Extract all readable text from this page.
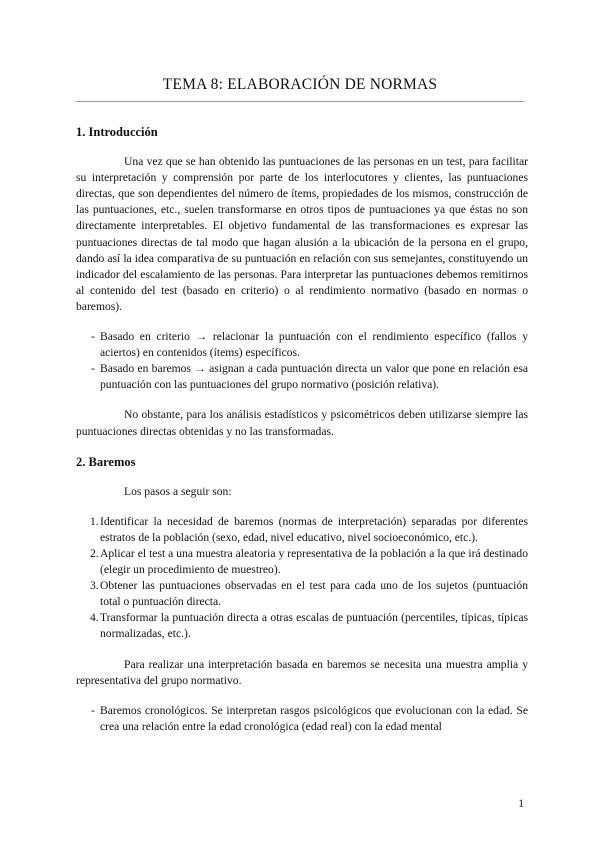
TEMA 8: ELABORACIÓN DE NORMAS
1. Introducción

Una vez que se han obtenido las puntuaciones de las personas en un test, para facilitar su interpretación y comprensión por parte de los interlocutores y clientes, las puntuaciones directas, que son dependientes del número de ítems, propiedades de los mismos, construcción de las puntuaciones, etc., suelen transformarse en otros tipos de puntuaciones ya que éstas no son directamente interpretables. El objetivo fundamental de las transformaciones es expresar las puntuaciones directas de tal modo que hagan alusión a la ubicación de la persona en el grupo, dando así la idea comparativa de su puntuación en relación con sus semejantes, constituyendo un indicador del escalamiento de las personas. Para interpretar las puntuaciones debemos remitirnos al contenido del test (basado en criterio) o al rendimiento normativo (basado en normas o baremos).

- Basado en criterio → relacionar la puntuación con el rendimiento específico (fallos y aciertos) en contenidos (ítems) específicos.
- Basado en baremos → asignan a cada puntuación directa un valor que pone en relación esa puntuación con las puntuaciones del grupo normativo (posición relativa).

No obstante, para los análisis estadísticos y psicométricos deben utilizarse siempre las puntuaciones directas obtenidas y no las transformadas.

2. Baremos

Los pasos a seguir son:

1. Identificar la necesidad de baremos (normas de interpretación) separadas por diferentes estratos de la población (sexo, edad, nivel educativo, nivel socioeconómico, etc.).
2. Aplicar el test a una muestra aleatoria y representativa de la población a la que irá destinado (elegir un procedimiento de muestreo).
3. Obtener las puntuaciones observadas en el test para cada uno de los sujetos (puntuación total o puntuación directa.
4. Transformar la puntuación directa a otras escalas de puntuación (percentiles, típicas, típicas normalizadas, etc.).

Para realizar una interpretación basada en baremos se necesita una muestra amplia y representativa del grupo normativo.

- Baremos cronológicos. Se interpretan rasgos psicológicos que evolucionan con la edad. Se crea una relación entre la edad cronológica (edad real) con la edad mental
1
